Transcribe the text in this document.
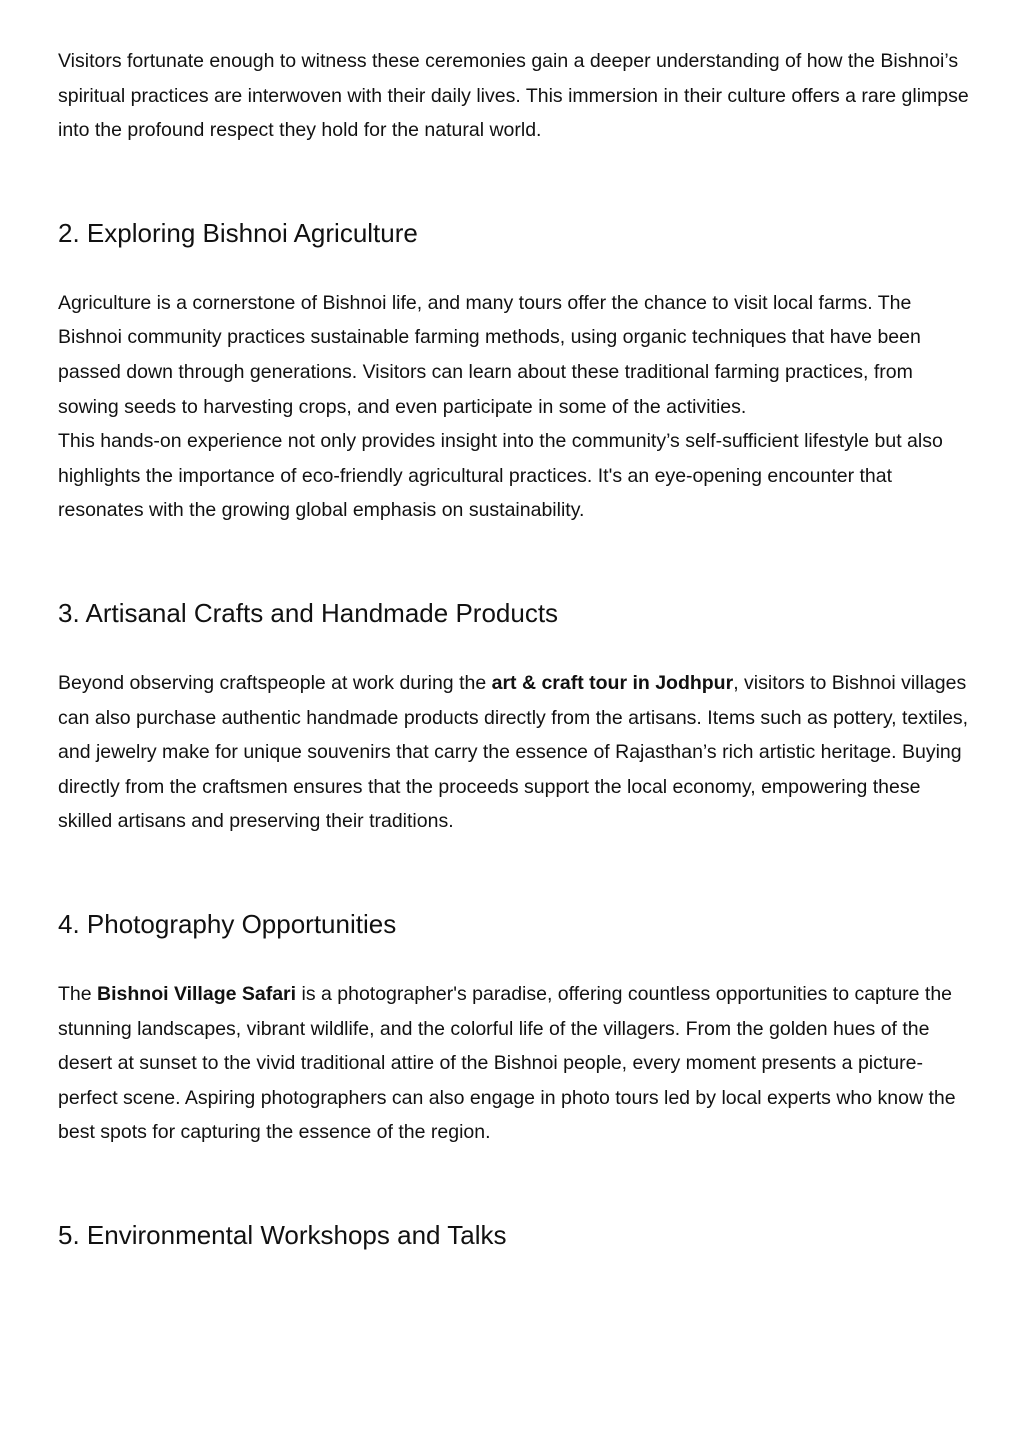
Visitors fortunate enough to witness these ceremonies gain a deeper understanding of how the Bishnoi’s spiritual practices are interwoven with their daily lives. This immersion in their culture offers a rare glimpse into the profound respect they hold for the natural world.

2. Exploring Bishnoi Agriculture

Agriculture is a cornerstone of Bishnoi life, and many tours offer the chance to visit local farms. The Bishnoi community practices sustainable farming methods, using organic techniques that have been passed down through generations. Visitors can learn about these traditional farming practices, from sowing seeds to harvesting crops, and even participate in some of the activities.
This hands-on experience not only provides insight into the community’s self-sufficient lifestyle but also highlights the importance of eco-friendly agricultural practices. It's an eye-opening encounter that resonates with the growing global emphasis on sustainability.

3. Artisanal Crafts and Handmade Products

Beyond observing craftspeople at work during the art & craft tour in Jodhpur, visitors to Bishnoi villages can also purchase authentic handmade products directly from the artisans. Items such as pottery, textiles, and jewelry make for unique souvenirs that carry the essence of Rajasthan’s rich artistic heritage. Buying directly from the craftsmen ensures that the proceeds support the local economy, empowering these skilled artisans and preserving their traditions.

4. Photography Opportunities

The Bishnoi Village Safari is a photographer's paradise, offering countless opportunities to capture the stunning landscapes, vibrant wildlife, and the colorful life of the villagers. From the golden hues of the desert at sunset to the vivid traditional attire of the Bishnoi people, every moment presents a picture-perfect scene. Aspiring photographers can also engage in photo tours led by local experts who know the best spots for capturing the essence of the region.

5. Environmental Workshops and Talks
